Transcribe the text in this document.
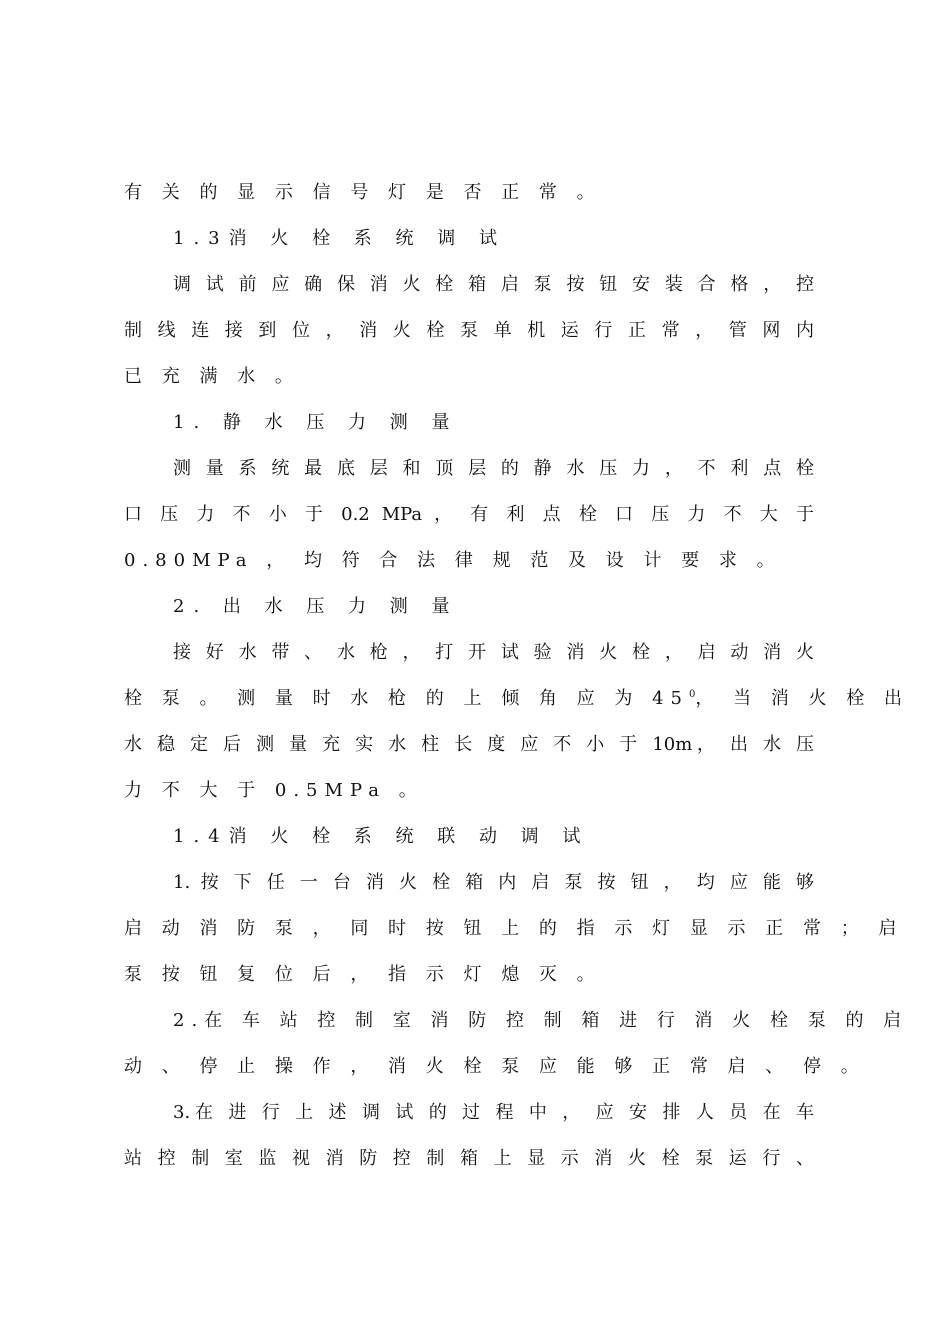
有 关 的 显 示 信 号 灯 是 否 正 常 。
1.3消 火 栓 系 统 调 试
调 试 前 应 确 保 消 火 栓 箱 启 泵 按 钮 安 装 合 格 ， 控
制 线 连 接 到 位 ， 消 火 栓 泵 单 机 运 行 正 常 ， 管 网 内
已 充 满 水 。
1. 静 水 压 力 测 量
测 量 系 统 最 底 层 和 顶 层 的 静 水 压 力 ， 不 利 点 栓
口 压 力 不 小 于 0.2 MPa ， 有 利 点 栓 口 压 力 不 大 于
0.80MPa ， 均 符 合 法 律 规 范 及 设 计 要 求 。
2. 出 水 压 力 测 量
接 好 水 带 、 水 枪 ， 打 开 试 验 消 火 栓 ， 启 动 消 火
栓 泵 。 测 量 时 水 枪 的 上 倾 角 应 为 $45^0$， 当 消 火 栓 出
水 稳 定 后 测 量 充 实 水 柱 长 度 应 不 小 于 10m， 出 水 压
力 不 大 于 0.5MPa 。
1.4消 火 栓 系 统 联 动 调 试
1. 按 下 任 一 台 消 火 栓 箱 内 启 泵 按 钮 ， 均 应 能 够
启 动 消 防 泵 ， 同 时 按 钮 上 的 指 示 灯 显 示 正 常 ； 启
泵 按 钮 复 位 后 ， 指 示 灯 熄 灭 。
2.在 车 站 控 制 室 消 防 控 制 箱 进 行 消 火 栓 泵 的 启
动 、 停 止 操 作 ， 消 火 栓 泵 应 能 够 正 常 启 、 停 。
3.在 进 行 上 述 调 试 的 过 程 中 ， 应 安 排 人 员 在 车
站 控 制 室 监 视 消 防 控 制 箱 上 显 示 消 火 栓 泵 运 行 、
